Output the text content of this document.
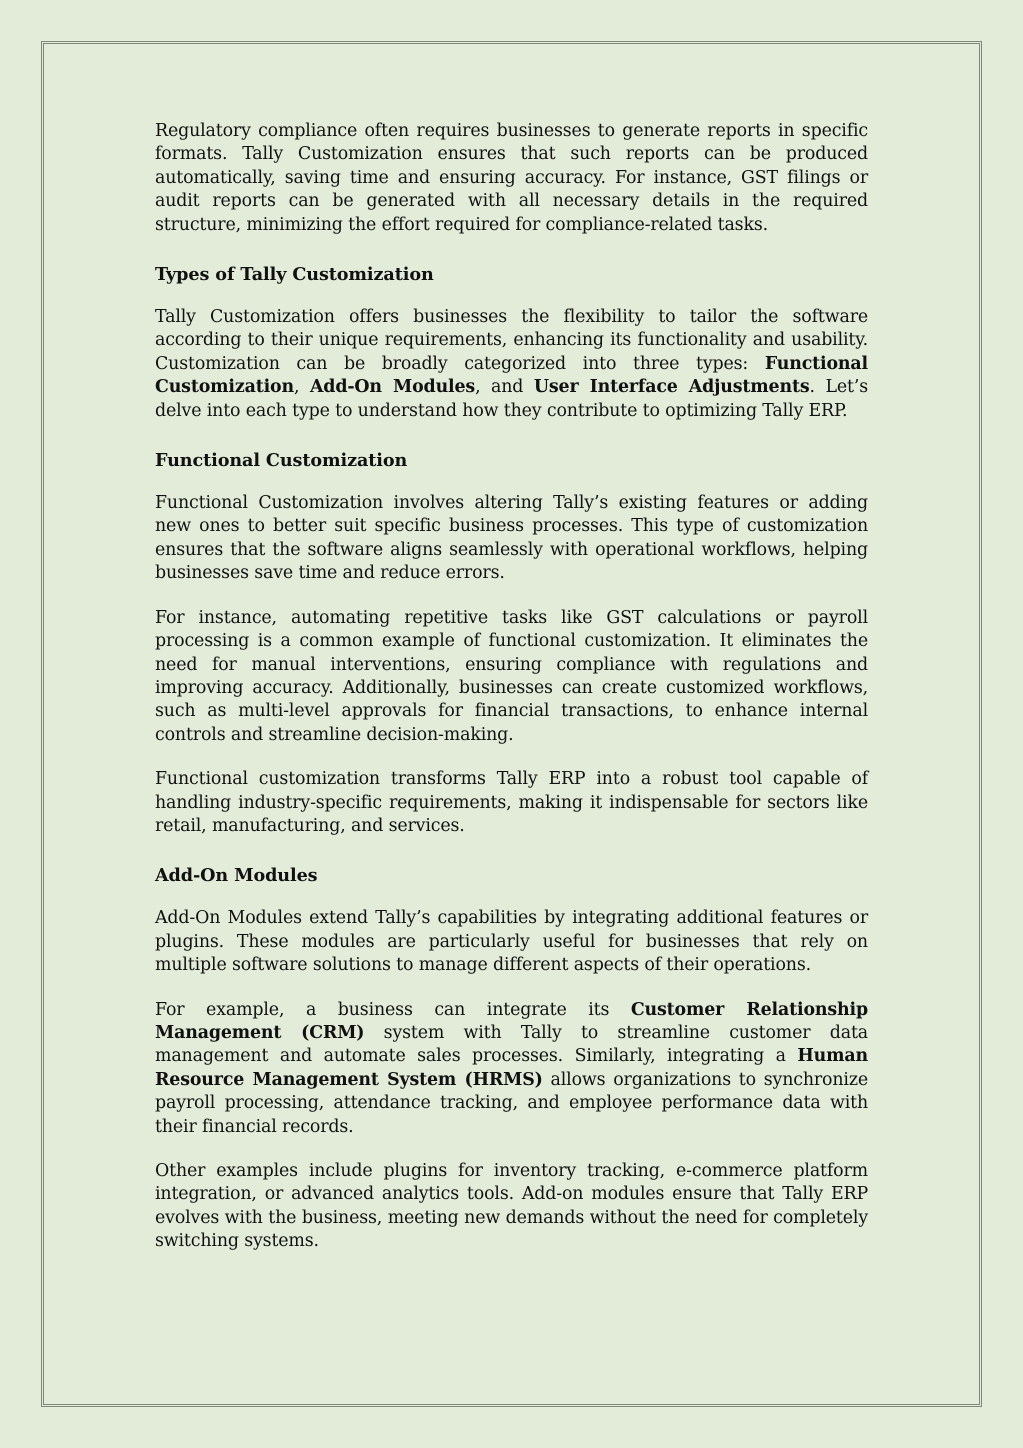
Regulatory compliance often requires businesses to generate reports in specific formats. Tally Customization ensures that such reports can be produced automatically, saving time and ensuring accuracy. For instance, GST filings or audit reports can be generated with all necessary details in the required structure, minimizing the effort required for compliance-related tasks.

Types of Tally Customization

Tally Customization offers businesses the flexibility to tailor the software according to their unique requirements, enhancing its functionality and usability. Customization can be broadly categorized into three types: Functional Customization, Add-On Modules, and User Interface Adjustments. Let’s delve into each type to understand how they contribute to optimizing Tally ERP.

Functional Customization

Functional Customization involves altering Tally’s existing features or adding new ones to better suit specific business processes. This type of customization ensures that the software aligns seamlessly with operational workflows, helping businesses save time and reduce errors.

For instance, automating repetitive tasks like GST calculations or payroll processing is a common example of functional customization. It eliminates the need for manual interventions, ensuring compliance with regulations and improving accuracy. Additionally, businesses can create customized workflows, such as multi-level approvals for financial transactions, to enhance internal controls and streamline decision-making.

Functional customization transforms Tally ERP into a robust tool capable of handling industry-specific requirements, making it indispensable for sectors like retail, manufacturing, and services.

Add-On Modules

Add-On Modules extend Tally’s capabilities by integrating additional features or plugins. These modules are particularly useful for businesses that rely on multiple software solutions to manage different aspects of their operations.

For example, a business can integrate its Customer Relationship Management (CRM) system with Tally to streamline customer data management and automate sales processes. Similarly, integrating a Human Resource Management System (HRMS) allows organizations to synchronize payroll processing, attendance tracking, and employee performance data with their financial records.

Other examples include plugins for inventory tracking, e-commerce platform integration, or advanced analytics tools. Add-on modules ensure that Tally ERP evolves with the business, meeting new demands without the need for completely switching systems.
